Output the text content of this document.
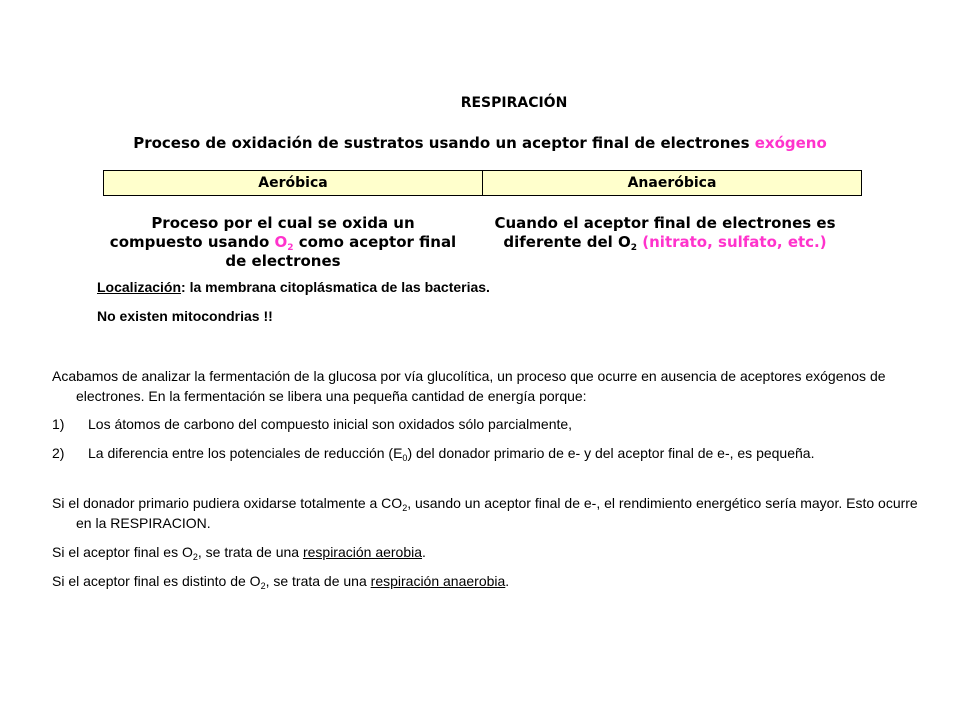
RESPIRACIÓN
Proceso de oxidación de sustratos usando un aceptor final de electrones exógeno
Aeróbica	Anaeróbica
Proceso por el cual se oxida un compuesto usando $O_2$ como aceptor final de electrones
Cuando el aceptor final de electrones es diferente del $O_2$ (nitrato, sulfato, etc.)
Localización: la membrana citoplásmatica de las bacterias.
No existen mitocondrias !!
Acabamos de analizar la fermentación de la glucosa por vía glucolítica, un proceso que ocurre en ausencia de aceptores exógenos de electrones. En la fermentación se libera una pequeña cantidad de energía porque:
1) Los átomos de carbono del compuesto inicial son oxidados sólo parcialmente,
2) La diferencia entre los potenciales de reducción $(E_0)$ del donador primario de e- y del aceptor final de e-, es pequeña.
Si el donador primario pudiera oxidarse totalmente a $CO_2$, usando un aceptor final de e-, el rendimiento energético sería mayor. Esto ocurre en la RESPIRACION.
Si el aceptor final es $O_2$, se trata de una respiración aerobia.
Si el aceptor final es distinto de $O_2$, se trata de una respiración anaerobia.
